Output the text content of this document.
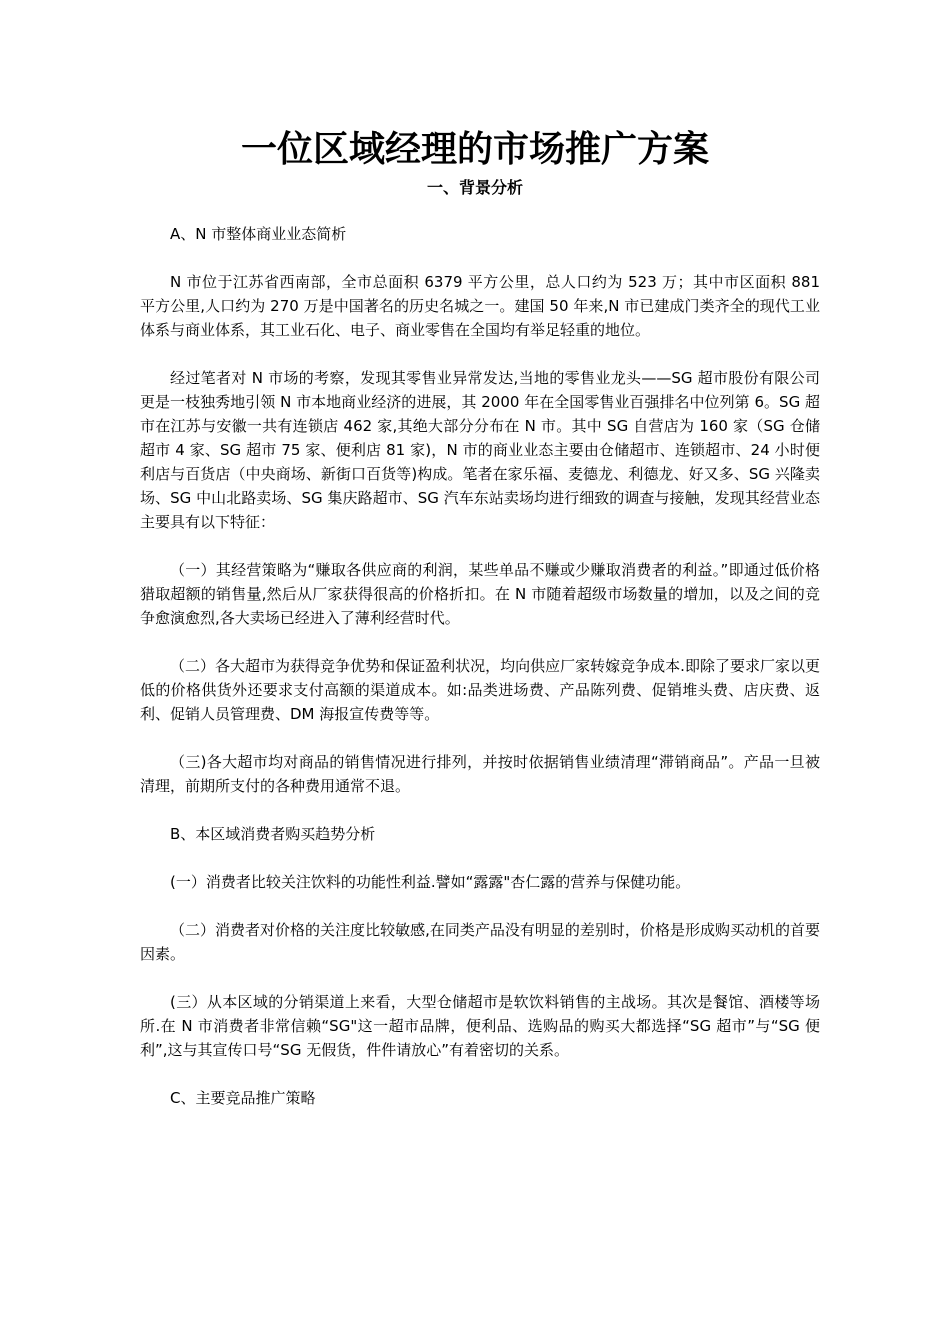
一位区域经理的市场推广方案
一、背景分析

A、N 市整体商业业态简析

N 市位于江苏省西南部，全市总面积 6379 平方公里，总人口约为 523 万；其中市区面积 881 平方公里,人口约为 270 万是中国著名的历史名城之一。建国 50 年来,N 市已建成门类齐全的现代工业体系与商业体系，其工业石化、电子、商业零售在全国均有举足轻重的地位。

经过笔者对 N 市场的考察，发现其零售业异常发达,当地的零售业龙头——SG 超市股份有限公司更是一枝独秀地引领 N 市本地商业经济的进展，其 2000 年在全国零售业百强排名中位列第 6。SG 超市在江苏与安徽一共有连锁店 462 家,其绝大部分分布在 N 市。其中 SG 自营店为 160 家（SG 仓储超市 4 家、SG 超市 75 家、便利店 81 家)，N 市的商业业态主要由仓储超市、连锁超市、24 小时便利店与百货店（中央商场、新街口百货等)构成。笔者在家乐福、麦德龙、利德龙、好又多、SG 兴隆卖场、SG 中山北路卖场、SG 集庆路超市、SG 汽车东站卖场均进行细致的调查与接触，发现其经营业态主要具有以下特征：

（一）其经营策略为“赚取各供应商的利润，某些单品不赚或少赚取消费者的利益。”即通过低价格猎取超额的销售量,然后从厂家获得很高的价格折扣。在 N 市随着超级市场数量的增加，以及之间的竞争愈演愈烈,各大卖场已经进入了薄利经营时代。

（二）各大超市为获得竞争优势和保证盈利状况，均向供应厂家转嫁竞争成本.即除了要求厂家以更低的价格供货外还要求支付高额的渠道成本。如:品类进场费、产品陈列费、促销堆头费、店庆费、返利、促销人员管理费、DM 海报宣传费等等。

（三)各大超市均对商品的销售情况进行排列，并按时依据销售业绩清理“滞销商品”。产品一旦被清理，前期所支付的各种费用通常不退。

B、本区域消费者购买趋势分析

(一）消费者比较关注饮料的功能性利益.譬如“露露"杏仁露的营养与保健功能。

（二）消费者对价格的关注度比较敏感,在同类产品没有明显的差别时，价格是形成购买动机的首要因素。

(三）从本区域的分销渠道上来看，大型仓储超市是软饮料销售的主战场。其次是餐馆、酒楼等场所.在 N 市消费者非常信赖“SG"这一超市品牌，便利品、选购品的购买大都选择“SG 超市”与“SG 便利”,这与其宣传口号“SG 无假货，件件请放心”有着密切的关系。

C、主要竞品推广策略
